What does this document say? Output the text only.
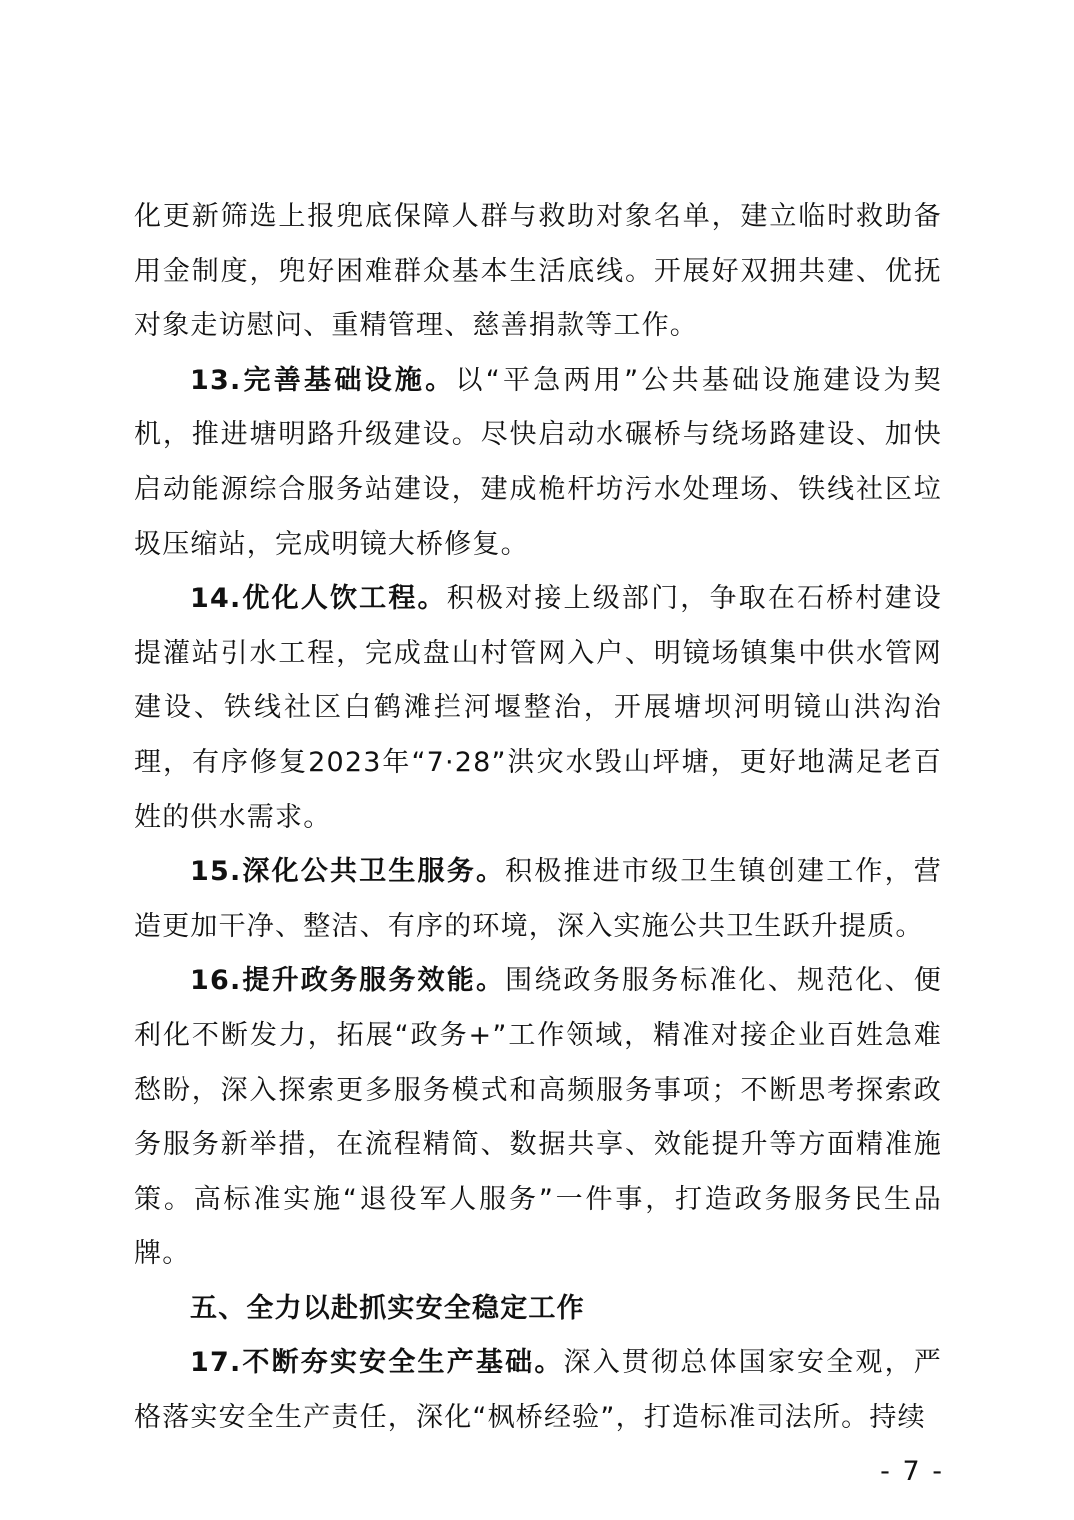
化更新筛选上报兜底保障人群与救助对象名单，建立临时救助备用金制度，兜好困难群众基本生活底线。开展好双拥共建、优抚对象走访慰问、重精管理、慈善捐款等工作。

13.完善基础设施。以“平急两用”公共基础设施建设为契机，推进塘明路升级建设。尽快启动水碾桥与绕场路建设、加快启动能源综合服务站建设，建成桅杆坊污水处理场、铁线社区垃圾压缩站，完成明镜大桥修复。

14.优化人饮工程。积极对接上级部门，争取在石桥村建设提灌站引水工程，完成盘山村管网入户、明镜场镇集中供水管网建设、铁线社区白鹤滩拦河堰整治，开展塘坝河明镜山洪沟治理，有序修复2023年“7·28”洪灾水毁山坪塘，更好地满足老百姓的供水需求。

15.深化公共卫生服务。积极推进市级卫生镇创建工作，营造更加干净、整洁、有序的环境，深入实施公共卫生跃升提质。

16.提升政务服务效能。围绕政务服务标准化、规范化、便利化不断发力，拓展“政务+”工作领域，精准对接企业百姓急难愁盼，深入探索更多服务模式和高频服务事项；不断思考探索政务服务新举措，在流程精简、数据共享、效能提升等方面精准施策。高标准实施“退役军人服务”一件事，打造政务服务民生品牌。

五、全力以赴抓实安全稳定工作

17.不断夯实安全生产基础。深入贯彻总体国家安全观，严格落实安全生产责任，深化“枫桥经验”，打造标准司法所。持续

- 7 -
